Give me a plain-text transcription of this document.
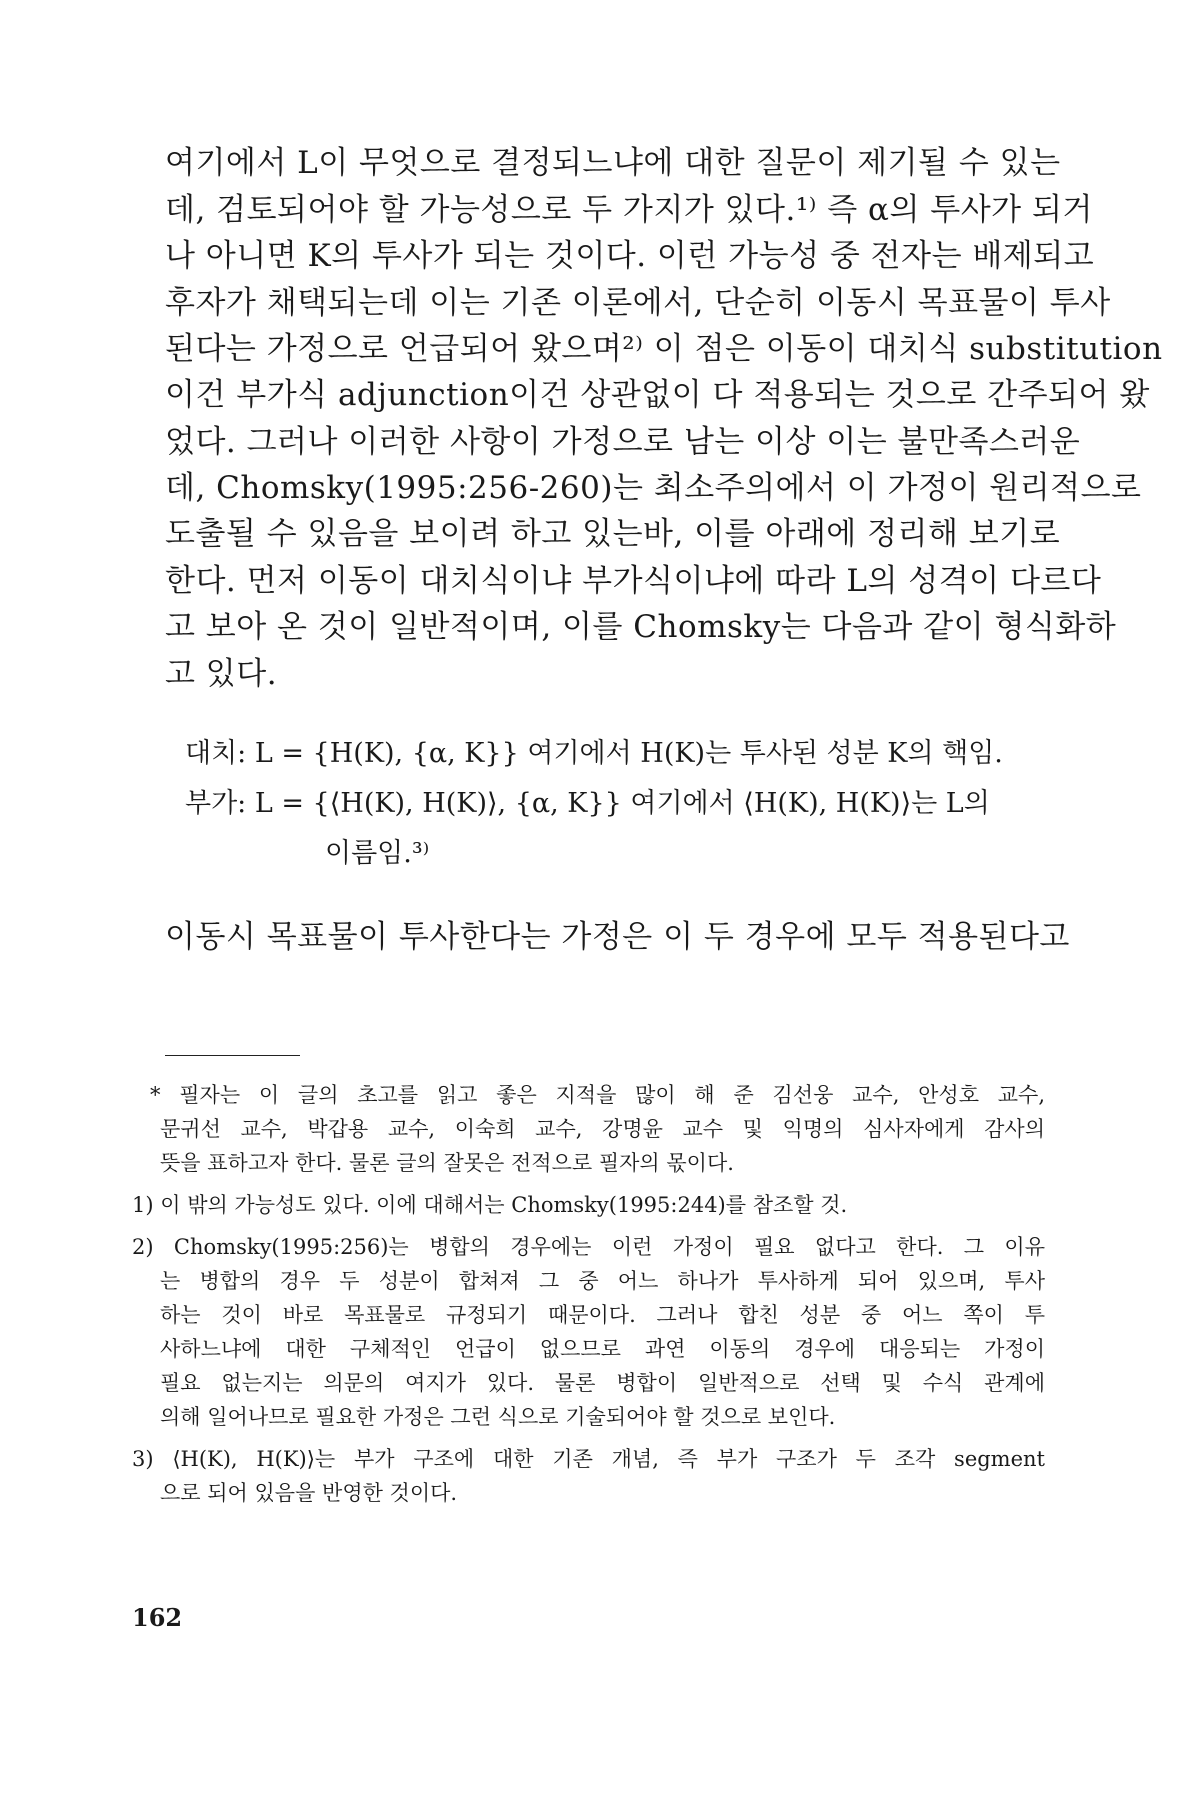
여기에서 L이 무엇으로 결정되느냐에 대한 질문이 제기될 수 있는
데, 검토되어야 할 가능성으로 두 가지가 있다.¹⁾ 즉 α의 투사가 되거
나 아니면 K의 투사가 되는 것이다. 이런 가능성 중 전자는 배제되고
후자가 채택되는데 이는 기존 이론에서, 단순히 이동시 목표물이 투사
된다는 가정으로 언급되어 왔으며²⁾ 이 점은 이동이 대치식 substitution
이건 부가식 adjunction이건 상관없이 다 적용되는 것으로 간주되어 왔
었다. 그러나 이러한 사항이 가정으로 남는 이상 이는 불만족스러운
데, Chomsky(1995:256-260)는 최소주의에서 이 가정이 원리적으로
도출될 수 있음을 보이려 하고 있는바, 이를 아래에 정리해 보기로
한다. 먼저 이동이 대치식이냐 부가식이냐에 따라 L의 성격이 다르다
고 보아 온 것이 일반적이며, 이를 Chomsky는 다음과 같이 형식화하
고 있다.
대치: L = {H(K), {α, K}} 여기에서 H(K)는 투사된 성분 K의 핵임.
부가: L = {⟨H(K), H(K)⟩, {α, K}} 여기에서 ⟨H(K), H(K)⟩는 L의
이름임.³⁾
이동시 목표물이 투사한다는 가정은 이 두 경우에 모두 적용된다고
* 필자는 이 글의 초고를 읽고 좋은 지적을 많이 해 준 김선웅 교수, 안성호 교수,
문귀선 교수, 박갑용 교수, 이숙희 교수, 강명윤 교수 및 익명의 심사자에게 감사의
뜻을 표하고자 한다. 물론 글의 잘못은 전적으로 필자의 몫이다.
1) 이 밖의 가능성도 있다. 이에 대해서는 Chomsky(1995:244)를 참조할 것.
2) Chomsky(1995:256)는 병합의 경우에는 이런 가정이 필요 없다고 한다. 그 이유
는 병합의 경우 두 성분이 합쳐져 그 중 어느 하나가 투사하게 되어 있으며, 투사
하는 것이 바로 목표물로 규정되기 때문이다. 그러나 합친 성분 중 어느 쪽이 투
사하느냐에 대한 구체적인 언급이 없으므로 과연 이동의 경우에 대응되는 가정이
필요 없는지는 의문의 여지가 있다. 물론 병합이 일반적으로 선택 및 수식 관계에
의해 일어나므로 필요한 가정은 그런 식으로 기술되어야 할 것으로 보인다.
3) ⟨H(K), H(K)⟩는 부가 구조에 대한 기존 개념, 즉 부가 구조가 두 조각 segment
으로 되어 있음을 반영한 것이다.
162
